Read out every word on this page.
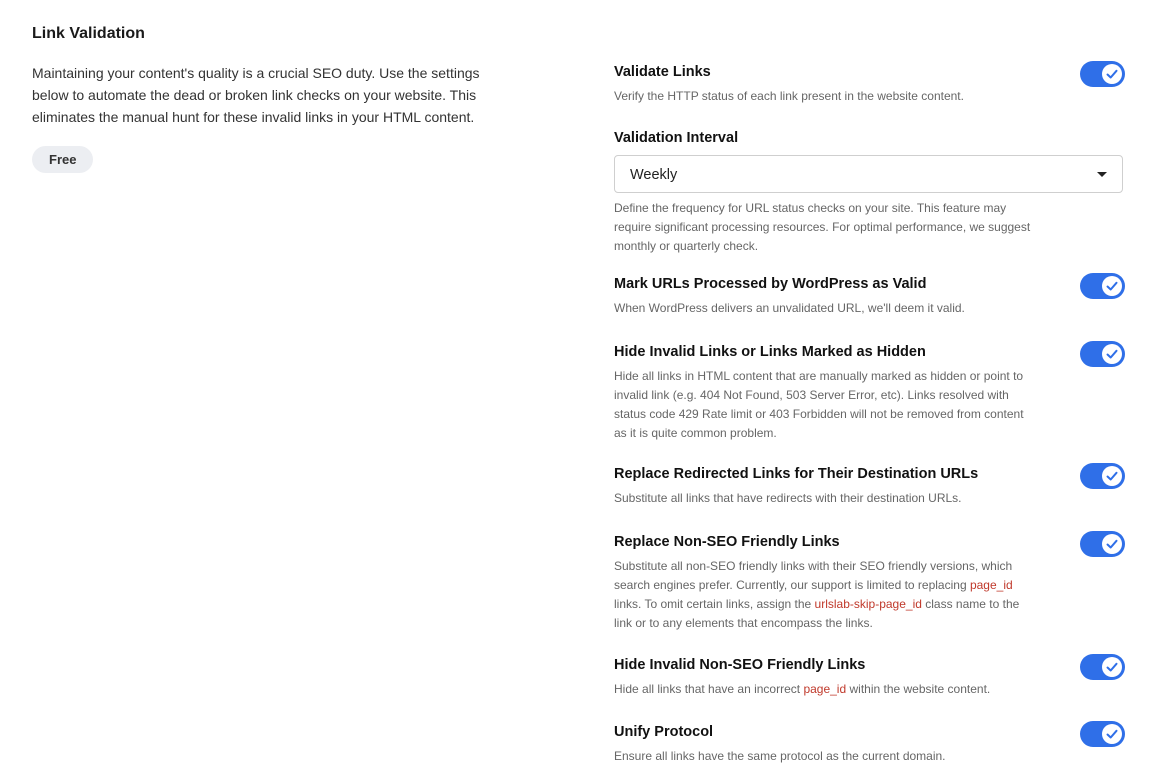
Link Validation
Maintaining your content's quality is a crucial SEO duty. Use the settings below to automate the dead or broken link checks on your website. This eliminates the manual hunt for these invalid links in your HTML content.
Free
Validate Links
Verify the HTTP status of each link present in the website content.
Validation Interval
Weekly
Define the frequency for URL status checks on your site. This feature may require significant processing resources. For optimal performance, we suggest monthly or quarterly check.
Mark URLs Processed by WordPress as Valid
When WordPress delivers an unvalidated URL, we'll deem it valid.
Hide Invalid Links or Links Marked as Hidden
Hide all links in HTML content that are manually marked as hidden or point to invalid link (e.g. 404 Not Found, 503 Server Error, etc). Links resolved with status code 429 Rate limit or 403 Forbidden will not be removed from content as it is quite common problem.
Replace Redirected Links for Their Destination URLs
Substitute all links that have redirects with their destination URLs.
Replace Non-SEO Friendly Links
Substitute all non-SEO friendly links with their SEO friendly versions, which search engines prefer. Currently, our support is limited to replacing page_id links. To omit certain links, assign the urlslab-skip-page_id class name to the link or to any elements that encompass the links.
Hide Invalid Non-SEO Friendly Links
Hide all links that have an incorrect page_id within the website content.
Unify Protocol
Ensure all links have the same protocol as the current domain.
